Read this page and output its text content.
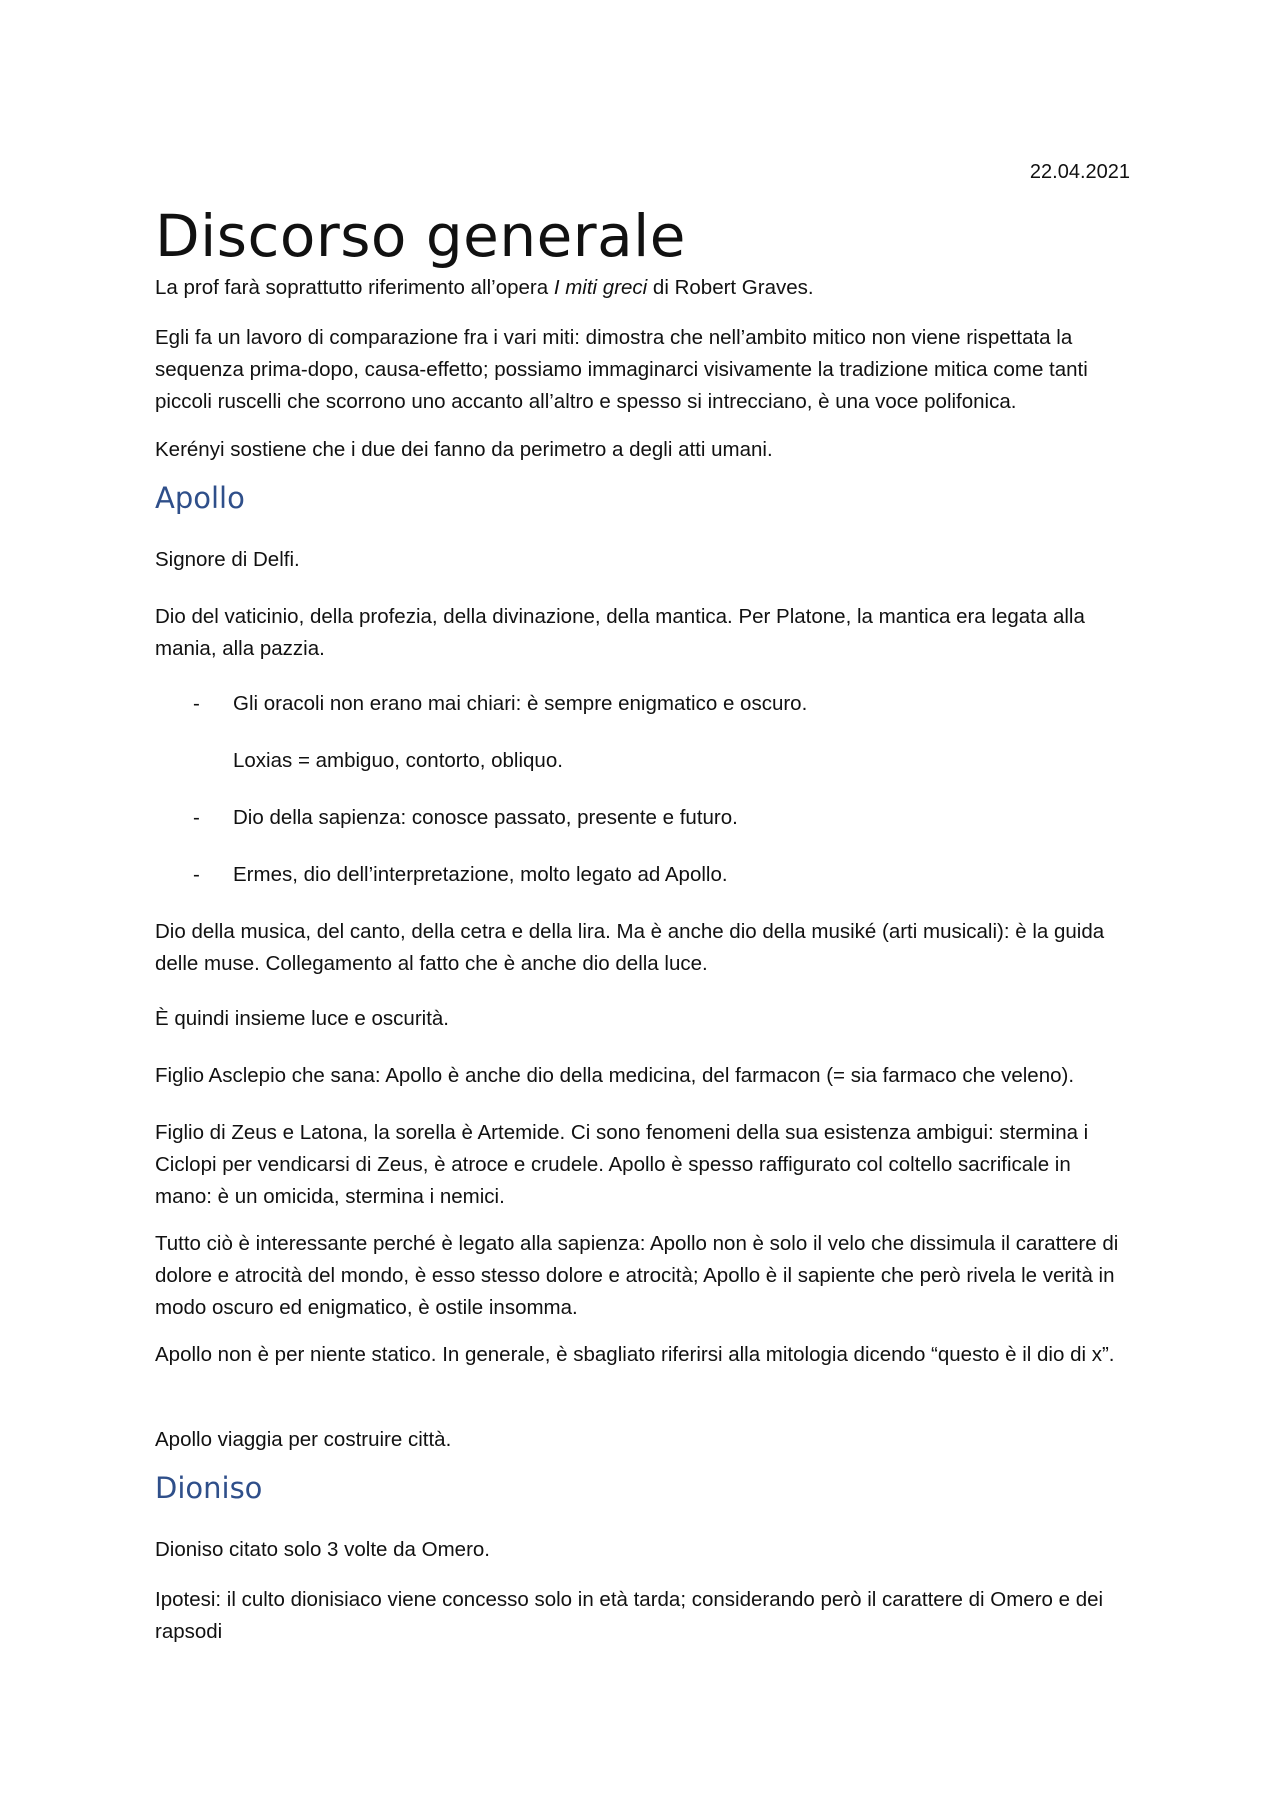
22.04.2021
Discorso generale

La prof farà soprattutto riferimento all’opera I miti greci di Robert Graves.

Egli fa un lavoro di comparazione fra i vari miti: dimostra che nell’ambito mitico non viene rispettata la sequenza prima-dopo, causa-effetto; possiamo immaginarci visivamente la tradizione mitica come tanti piccoli ruscelli che scorrono uno accanto all’altro e spesso si intrecciano, è una voce polifonica.

Kerényi sostiene che i due dei fanno da perimetro a degli atti umani.

Apollo

Signore di Delfi.

Dio del vaticinio, della profezia, della divinazione, della mantica. Per Platone, la mantica era legata alla mania, alla pazzia.

- Gli oracoli non erano mai chiari: è sempre enigmatico e oscuro.
Loxias = ambiguo, contorto, obliquo.
- Dio della sapienza: conosce passato, presente e futuro.
- Ermes, dio dell’interpretazione, molto legato ad Apollo.

Dio della musica, del canto, della cetra e della lira. Ma è anche dio della musiké (arti musicali): è la guida delle muse. Collegamento al fatto che è anche dio della luce.

È quindi insieme luce e oscurità.

Figlio Asclepio che sana: Apollo è anche dio della medicina, del farmacon (= sia farmaco che veleno).

Figlio di Zeus e Latona, la sorella è Artemide. Ci sono fenomeni della sua esistenza ambigui: stermina i Ciclopi per vendicarsi di Zeus, è atroce e crudele. Apollo è spesso raffigurato col coltello sacrificale in mano: è un omicida, stermina i nemici.

Tutto ciò è interessante perché è legato alla sapienza: Apollo non è solo il velo che dissimula il carattere di dolore e atrocità del mondo, è esso stesso dolore e atrocità; Apollo è il sapiente che però rivela le verità in modo oscuro ed enigmatico, è ostile insomma.

Apollo non è per niente statico. In generale, è sbagliato riferirsi alla mitologia dicendo “questo è il dio di x”.

Apollo viaggia per costruire città.

Dioniso

Dioniso citato solo 3 volte da Omero.

Ipotesi: il culto dionisiaco viene concesso solo in età tarda; considerando però il carattere di Omero e dei rapsodi
